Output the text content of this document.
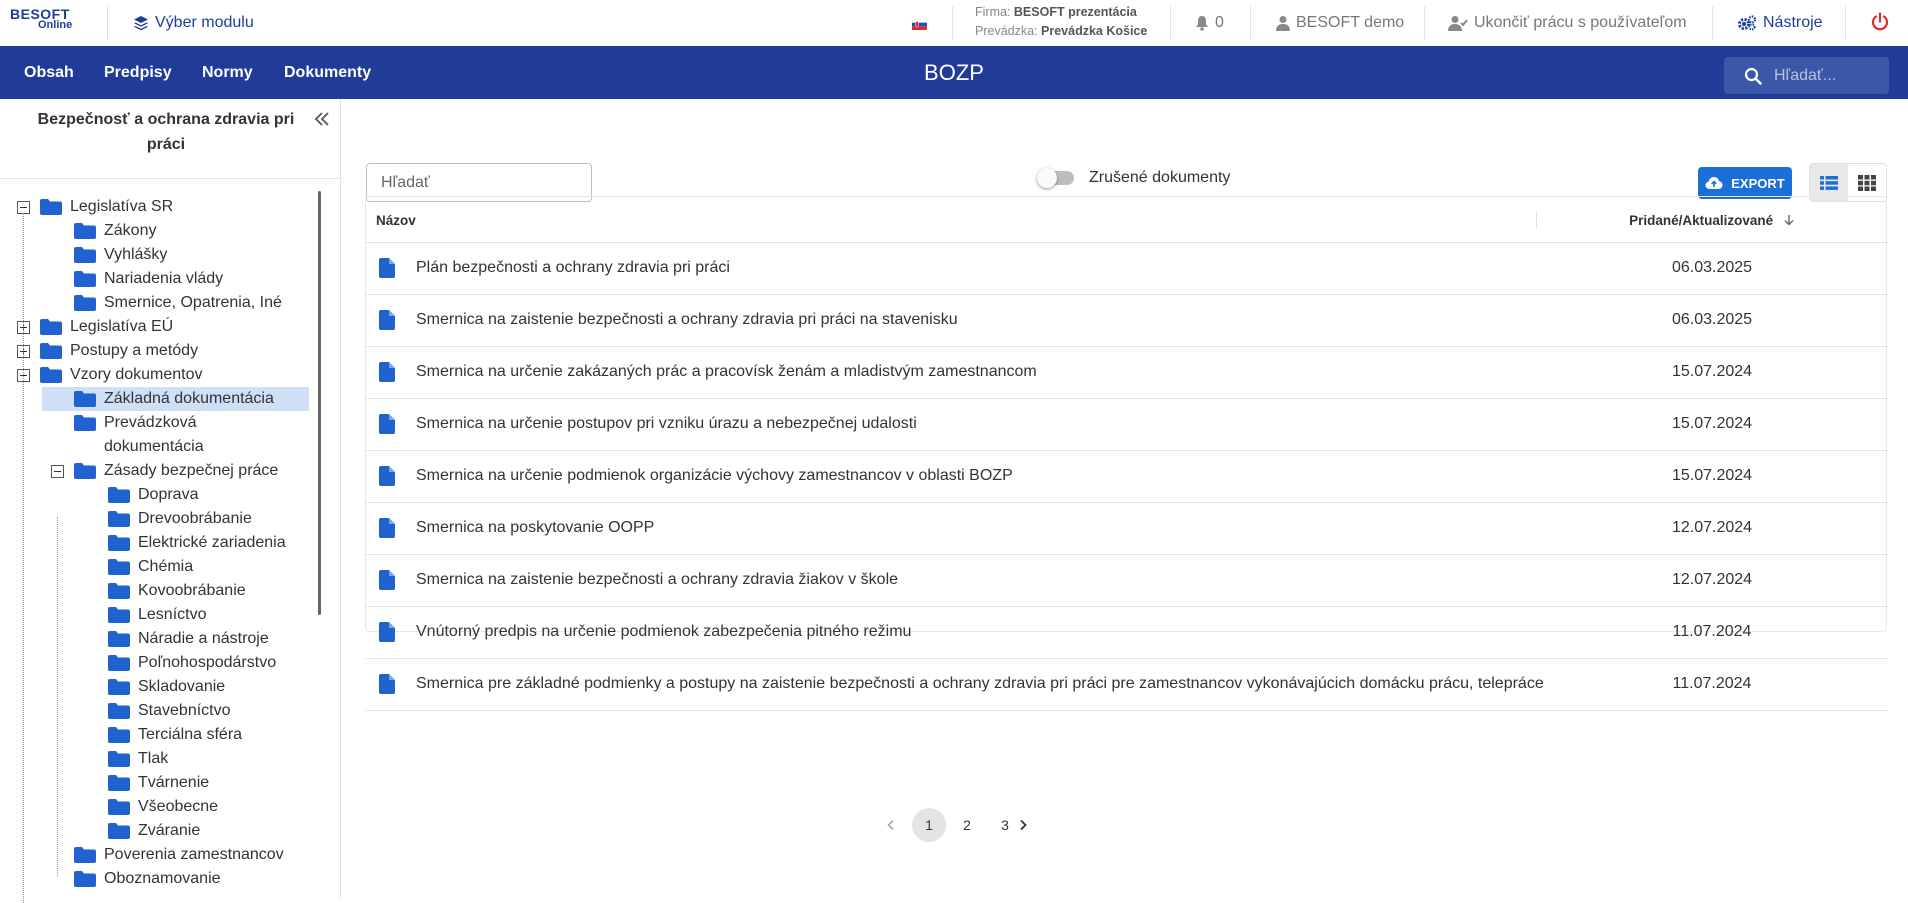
BESOFT
Online	Výber modulu
Firma: BESOFT prezentácia
Prevádzka: Prevádzka Košice	0	BESOFT demo	Ukončiť prácu s používateľom	Nástroje
Obsah Predpisy Normy Dokumenty	BOZP
Hľadať...
Bezpečnosť a ochrana zdravia pri práci
Legislatíva SR
Zákony
Vyhlášky
Nariadenia vlády
Smernice, Opatrenia, Iné
Legislatíva EÚ
Postupy a metódy
Vzory dokumentov
Základná dokumentácia
Prevádzková dokumentácia
Zásady bezpečnej práce
Doprava
Drevoobrábanie
Elektrické zariadenia
Chémia
Kovoobrábanie
Lesníctvo
Náradie a nástroje
Poľnohospodárstvo
Skladovanie
Stavebníctvo
Terciálna sféra
Tlak
Tvárnenie
Všeobecne
Zváranie
Poverenia zamestnancov
Oboznamovanie
Hľadať
Zrušené dokumenty	EXPORT
Názov	Pridané/Aktualizované
Plán bezpečnosti a ochrany zdravia pri práci	06.03.2025
Smernica na zaistenie bezpečnosti a ochrany zdravia pri práci na stavenisku	06.03.2025
Smernica na určenie zakázaných prác a pracovísk ženám a mladistvým zamestnancom	15.07.2024
Smernica na určenie postupov pri vzniku úrazu a nebezpečnej udalosti	15.07.2024
Smernica na určenie podmienok organizácie výchovy zamestnancov v oblasti BOZP	15.07.2024
Smernica na poskytovanie OOPP	12.07.2024
Smernica na zaistenie bezpečnosti a ochrany zdravia žiakov v škole	12.07.2024
Vnútorný predpis na určenie podmienok zabezpečenia pitného režimu	11.07.2024
Smernica pre základné podmienky a postupy na zaistenie bezpečnosti a ochrany zdravia pri práci pre zamestnancov vykonávajúcich domácku prácu, telepráce	11.07.2024
1	2	3
